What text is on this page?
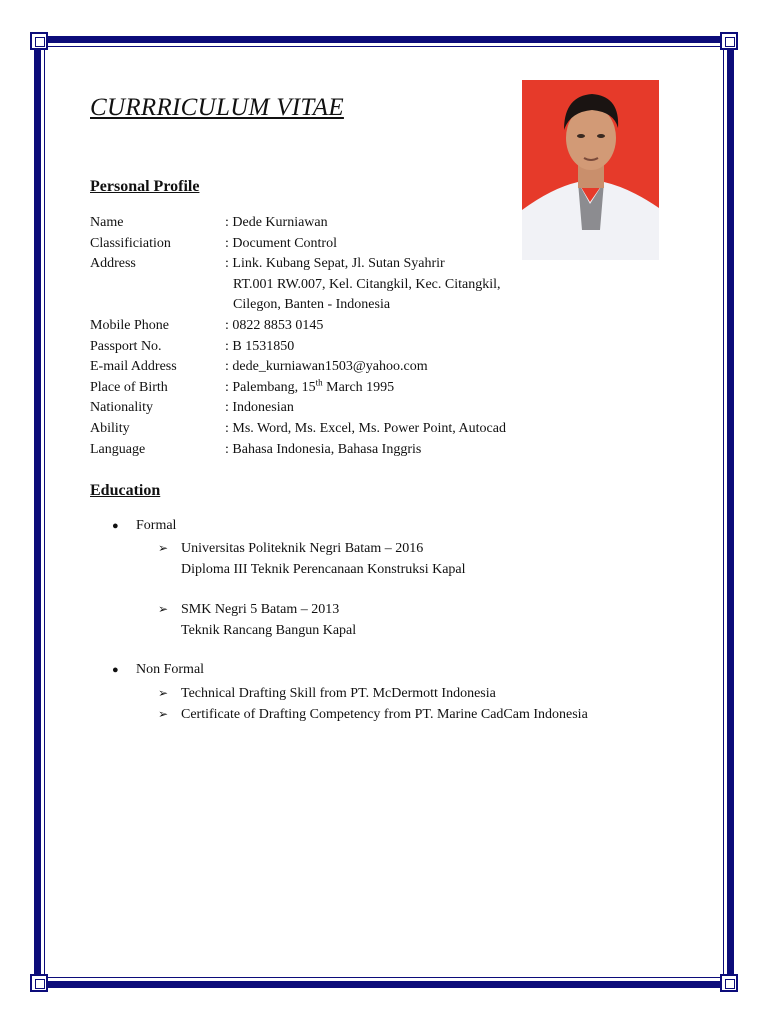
CURRRICULUM VITAE
Personal Profile
Name	: Dede Kurniawan
Classificiation	: Document Control
Address	: Link. Kubang Sepat, Jl. Sutan Syahrir
RT.001 RW.007, Kel. Citangkil, Kec. Citangkil,
Cilegon, Banten - Indonesia
Mobile Phone	: 0822 8853 0145
Passport No.	: B 1531850
E-mail Address	: dede_kurniawan1503@yahoo.com
Place of Birth	: Palembang, 15th March 1995
Nationality	: Indonesian
Ability	: Ms. Word, Ms. Excel, Ms. Power Point, Autocad
Language	: Bahasa Indonesia, Bahasa Inggris
Education
●	Formal
➢ Universitas Politeknik Negri Batam – 2016
Diploma III Teknik Perencanaan Konstruksi Kapal
➢ SMK Negri 5 Batam – 2013
Teknik Rancang Bangun Kapal
●	Non Formal
➢ Technical Drafting Skill from PT. McDermott Indonesia
➢ Certificate of Drafting Competency from PT. Marine CadCam Indonesia
